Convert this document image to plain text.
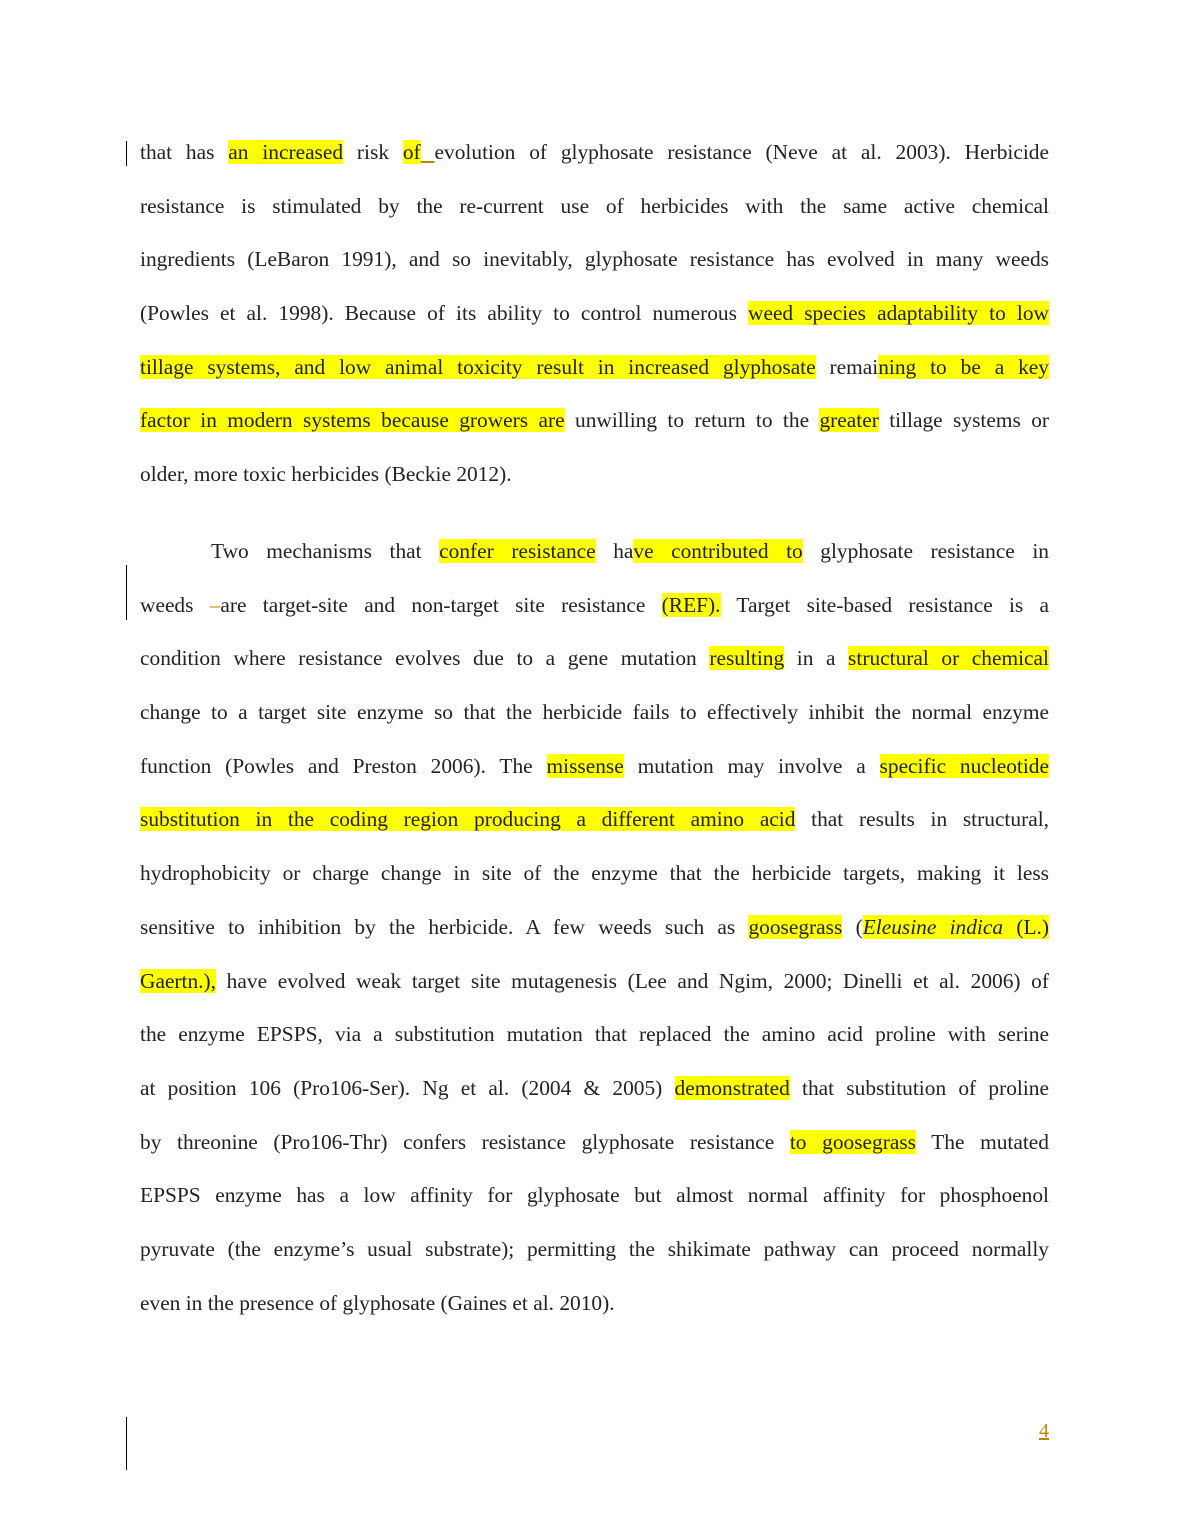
that has an increased risk of evolution of glyphosate resistance (Neve at al. 2003). Herbicide
resistance is stimulated by the re-current use of herbicides with the same active chemical
ingredients (LeBaron 1991), and so inevitably, glyphosate resistance has evolved in many weeds
(Powles et al. 1998). Because of its ability to control numerous weed species adaptability to low
tillage systems, and low animal toxicity result in increased glyphosate remaining to be a key
factor in modern systems because growers are unwilling to return to the greater tillage systems or
older, more toxic herbicides (Beckie 2012).
Two mechanisms that confer resistance have contributed to glyphosate resistance in
weeds –are target-site and non-target site resistance (REF). Target site-based resistance is a
condition where resistance evolves due to a gene mutation resulting in a structural or chemical
change to a target site enzyme so that the herbicide fails to effectively inhibit the normal enzyme
function (Powles and Preston 2006). The missense mutation may involve a specific nucleotide
substitution in the coding region producing a different amino acid that results in structural,
hydrophobicity or charge change in site of the enzyme that the herbicide targets, making it less
sensitive to inhibition by the herbicide. A few weeds such as goosegrass (Eleusine indica (L.)
Gaertn.), have evolved weak target site mutagenesis (Lee and Ngim, 2000; Dinelli et al. 2006) of
the enzyme EPSPS, via a substitution mutation that replaced the amino acid proline with serine
at position 106 (Pro106-Ser). Ng et al. (2004 & 2005) demonstrated that substitution of proline
by threonine (Pro106-Thr) confers resistance glyphosate resistance to goosegrass The mutated
EPSPS enzyme has a low affinity for glyphosate but almost normal affinity for phosphoenol
pyruvate (the enzyme’s usual substrate); permitting the shikimate pathway can proceed normally
even in the presence of glyphosate (Gaines et al. 2010).
4
